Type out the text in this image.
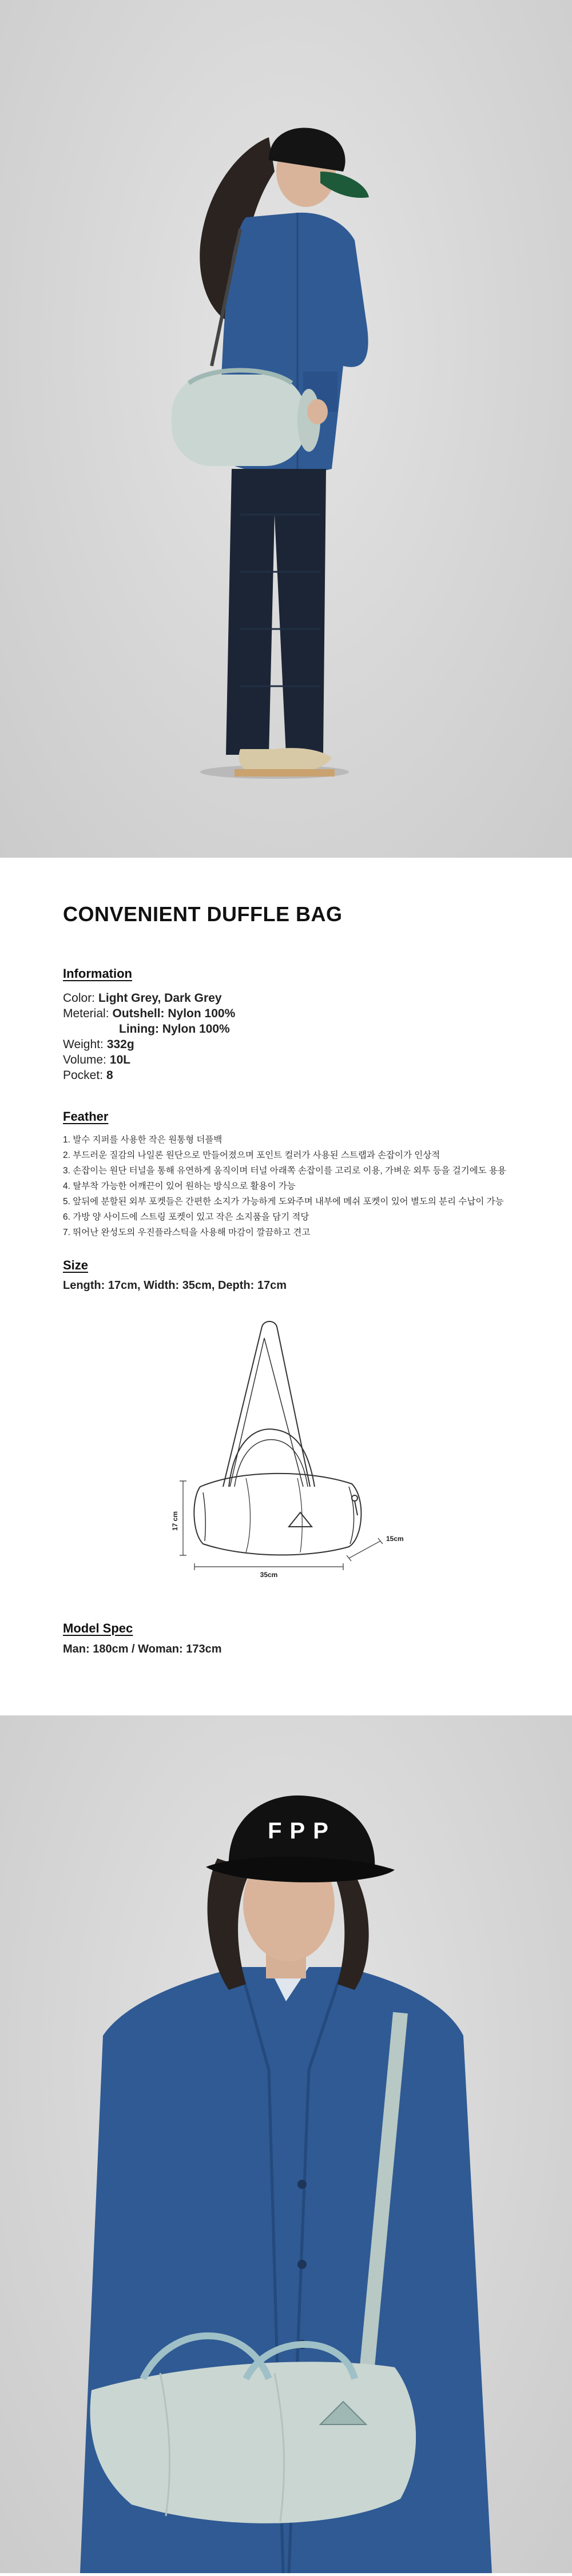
CONVENIENT DUFFLE BAG
Information
Color: Light Grey, Dark Grey
Meterial: Outshell: Nylon 100%
Lining: Nylon 100%
Weight: 332g
Volume: 10L
Pocket: 8
Feather
1. 발수 지퍼를 사용한 작은 원통형 더플백
2. 부드러운 질감의 나일론 원단으로 만들어졌으며 포인트 컬러가 사용된 스트랩과 손잡이가 인상적
3. 손잡이는 원단 터널을 통해 유연하게 움직이며 터널 아래쪽 손잡이를 고리로 이용, 가벼운 외투 등을 걸기에도 용용
4. 탈부착 가능한 어깨끈이 있어 원하는 방식으로 활용이 가능
5. 앞뒤에 분할된 외부 포켓들은 간편한 소지가 가능하게 도와주며 내부에 메쉬 포켓이 있어 별도의 분리 수납이 가능
6. 가방 양 사이드에 스트링 포켓이 있고 작은 소지품을 담기 적당
7. 뛰어난 완성도의 우진플라스틱을 사용해 마감이 깔끔하고 견고
Size
Length: 17cm, Width: 35cm, Depth: 17cm
17 cm
35cm
15cm
Model Spec
Man: 180cm / Woman: 173cm
FPP
